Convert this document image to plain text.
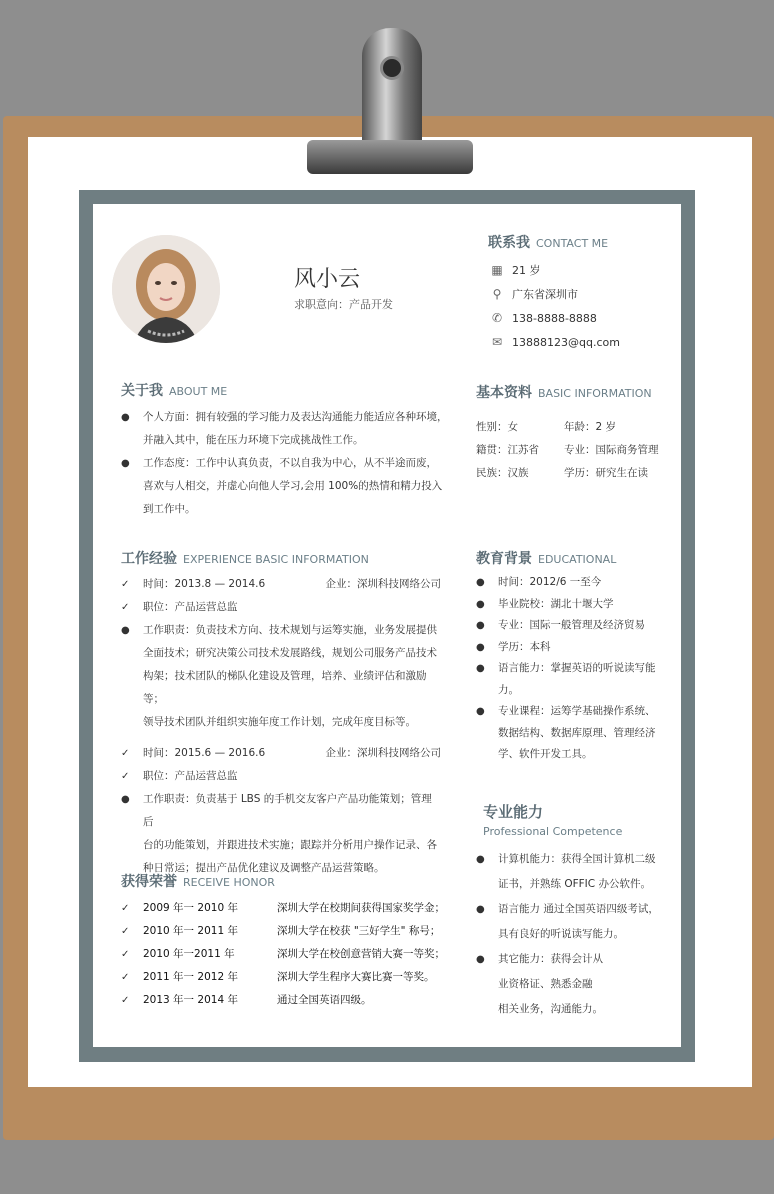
风小云
求职意向：产品开发
联系我 CONTACT ME
▦ 21 岁
⚲ 广东省深圳市
✆ 138-8888-8888
✉ 13888123@qq.com
关于我 ABOUT ME
● 个人方面：拥有较强的学习能力及表达沟通能力能适应各种环境，
并融入其中，能在压力环境下完成挑战性工作。
● 工作态度：工作中认真负责，不以自我为中心，从不半途而废，
喜欢与人相交，并虚心向他人学习,会用 100%的热情和精力投入
到工作中。
基本资料 BASIC INFORMATION
性别：女	年龄：2 岁
籍贯：江苏省	专业：国际商务管理
民族：汉族	学历：研究生在读
工作经验 EXPERIENCE BASIC INFORMATION
✓ 时间：2013.8 — 2014.6	企业：深圳科技网络公司
✓ 职位：产品运营总监
● 工作职责：负责技术方向、技术规划与运筹实施，业务发展提供
全面技术；研究决策公司技术发展路线，规划公司服务产品技术
构架；技术团队的梯队化建设及管理，培养、业绩评估和激励等；
领导技术团队并组织实施年度工作计划，完成年度目标等。
✓ 时间：2015.6 — 2016.6	企业：深圳科技网络公司
✓ 职位：产品运营总监
● 工作职责：负责基于 LBS 的手机交友客户产品功能策划；管理后
台的功能策划，并跟进技术实施；跟踪并分析用户操作记录、各
种日常运；提出产品优化建议及调整产品运营策略。
教育背景 EDUCATIONAL
● 时间：2012/6 一至今
● 毕业院校：湖北十堰大学
● 专业：国际一般管理及经济贸易
● 学历：本科
● 语言能力：掌握英语的听说读写能
力。
● 专业课程：运筹学基础操作系统、
数据结构、数据库原理、管理经济
学、软件开发工具。
专业能力
Professional Competence
● 计算机能力：获得全国计算机二级
证书，并熟练 OFFIC 办公软件。
● 语言能力 通过全国英语四级考试，
具有良好的听说读写能力。
● 其它能力：获得会计从
业资格证、熟悉金融
相关业务，沟通能力。
获得荣誉 RECEIVE HONOR
✓ 2009 年一 2010 年	深圳大学在校期间获得国家奖学金；
✓ 2010 年一 2011 年	深圳大学在校获 "三好学生" 称号；
✓ 2010 年一2011 年	深圳大学在校创意营销大赛一等奖；
✓ 2011 年一 2012 年	深圳大学生程序大赛比赛一等奖。
✓ 2013 年一 2014 年	通过全国英语四级。
